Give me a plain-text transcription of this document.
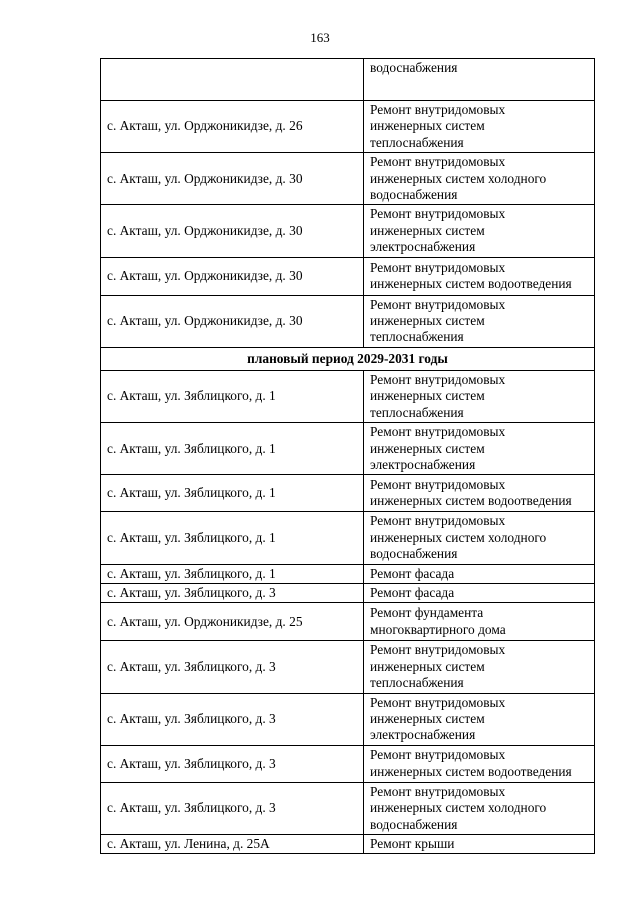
163

	водоснабжения

с. Акташ, ул. Орджоникидзе, д. 26	Ремонт внутридомовых
инженерных систем
теплоснабжения

с. Акташ, ул. Орджоникидзе, д. 30	Ремонт внутридомовых
инженерных систем холодного
водоснабжения

с. Акташ, ул. Орджоникидзе, д. 30	Ремонт внутридомовых
инженерных систем
электроснабжения

с. Акташ, ул. Орджоникидзе, д. 30	Ремонт внутридомовых
инженерных систем водоотведения

с. Акташ, ул. Орджоникидзе, д. 30	Ремонт внутридомовых
инженерных систем
теплоснабжения

плановый период 2029-2031 годы	
с. Акташ, ул. Зяблицкого, д. 1	Ремонт внутридомовых
инженерных систем
теплоснабжения

с. Акташ, ул. Зяблицкого, д. 1	Ремонт внутридомовых
инженерных систем
электроснабжения

с. Акташ, ул. Зяблицкого, д. 1	Ремонт внутридомовых
инженерных систем водоотведения

с. Акташ, ул. Зяблицкого, д. 1	Ремонт внутридомовых
инженерных систем холодного
водоснабжения

с. Акташ, ул. Зяблицкого, д. 1	Ремонт фасада

с. Акташ, ул. Зяблицкого, д. 3	Ремонт фасада

с. Акташ, ул. Орджоникидзе, д. 25	Ремонт фундамента
многоквартирного дома

с. Акташ, ул. Зяблицкого, д. 3	Ремонт внутридомовых
инженерных систем
теплоснабжения

с. Акташ, ул. Зяблицкого, д. 3	Ремонт внутридомовых
инженерных систем
электроснабжения

с. Акташ, ул. Зяблицкого, д. 3	Ремонт внутридомовых
инженерных систем водоотведения

с. Акташ, ул. Зяблицкого, д. 3	Ремонт внутридомовых
инженерных систем холодного
водоснабжения

с. Акташ, ул. Ленина, д. 25А	Ремонт крыши
